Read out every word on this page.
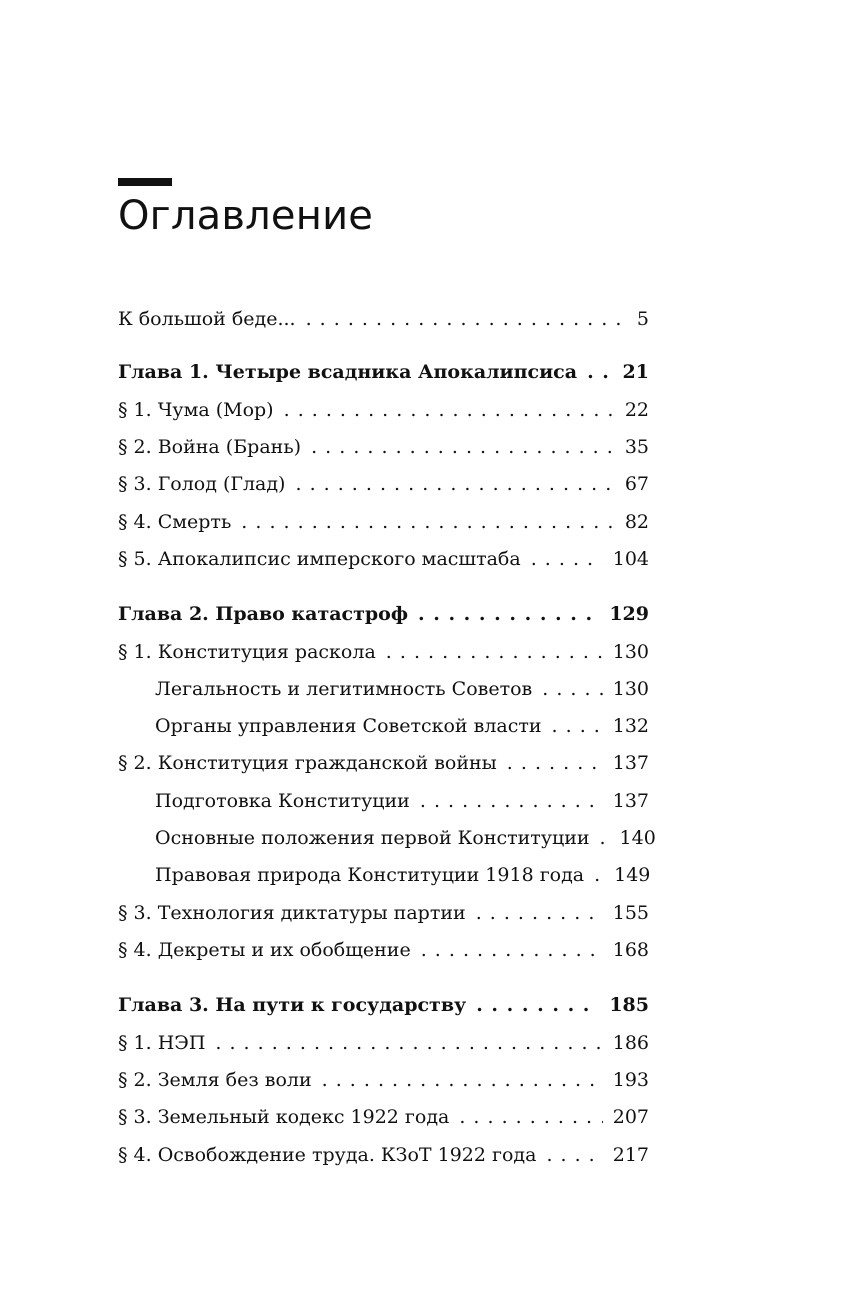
Оглавление
К большой беде... . . .	5
Глава 1. Четыре всадника Апокалипсиса . . . 21
§ 1. Чума (Мор) . . .	22
§ 2. Война (Брань) . . .	35
§ 3. Голод (Глад) . . .	67
§ 4. Смерть . . .	82
§ 5. Апокалипсис имперского масштаба . . .	104
Глава 2. Право катастроф . . .	129
§ 1. Конституция раскола . . .	130
Легальность и легитимность Советов . . .	130
Органы управления Советской власти . . .	132
§ 2. Конституция гражданской войны . . .	137
Подготовка Конституции . . .	137
Основные положения первой Конституции . . . 140
Правовая природа Конституции 1918 года . . . 149
§ 3. Технология диктатуры партии . . .	155
§ 4. Декреты и их обобщение . . .	168
Глава 3. На пути к государству . . .	185
§ 1. НЭП . . .	186
§ 2. Земля без воли . . .	193
§ 3. Земельный кодекс 1922 года . . .	207
§ 4. Освобождение труда. КЗоТ 1922 года . . .	217
